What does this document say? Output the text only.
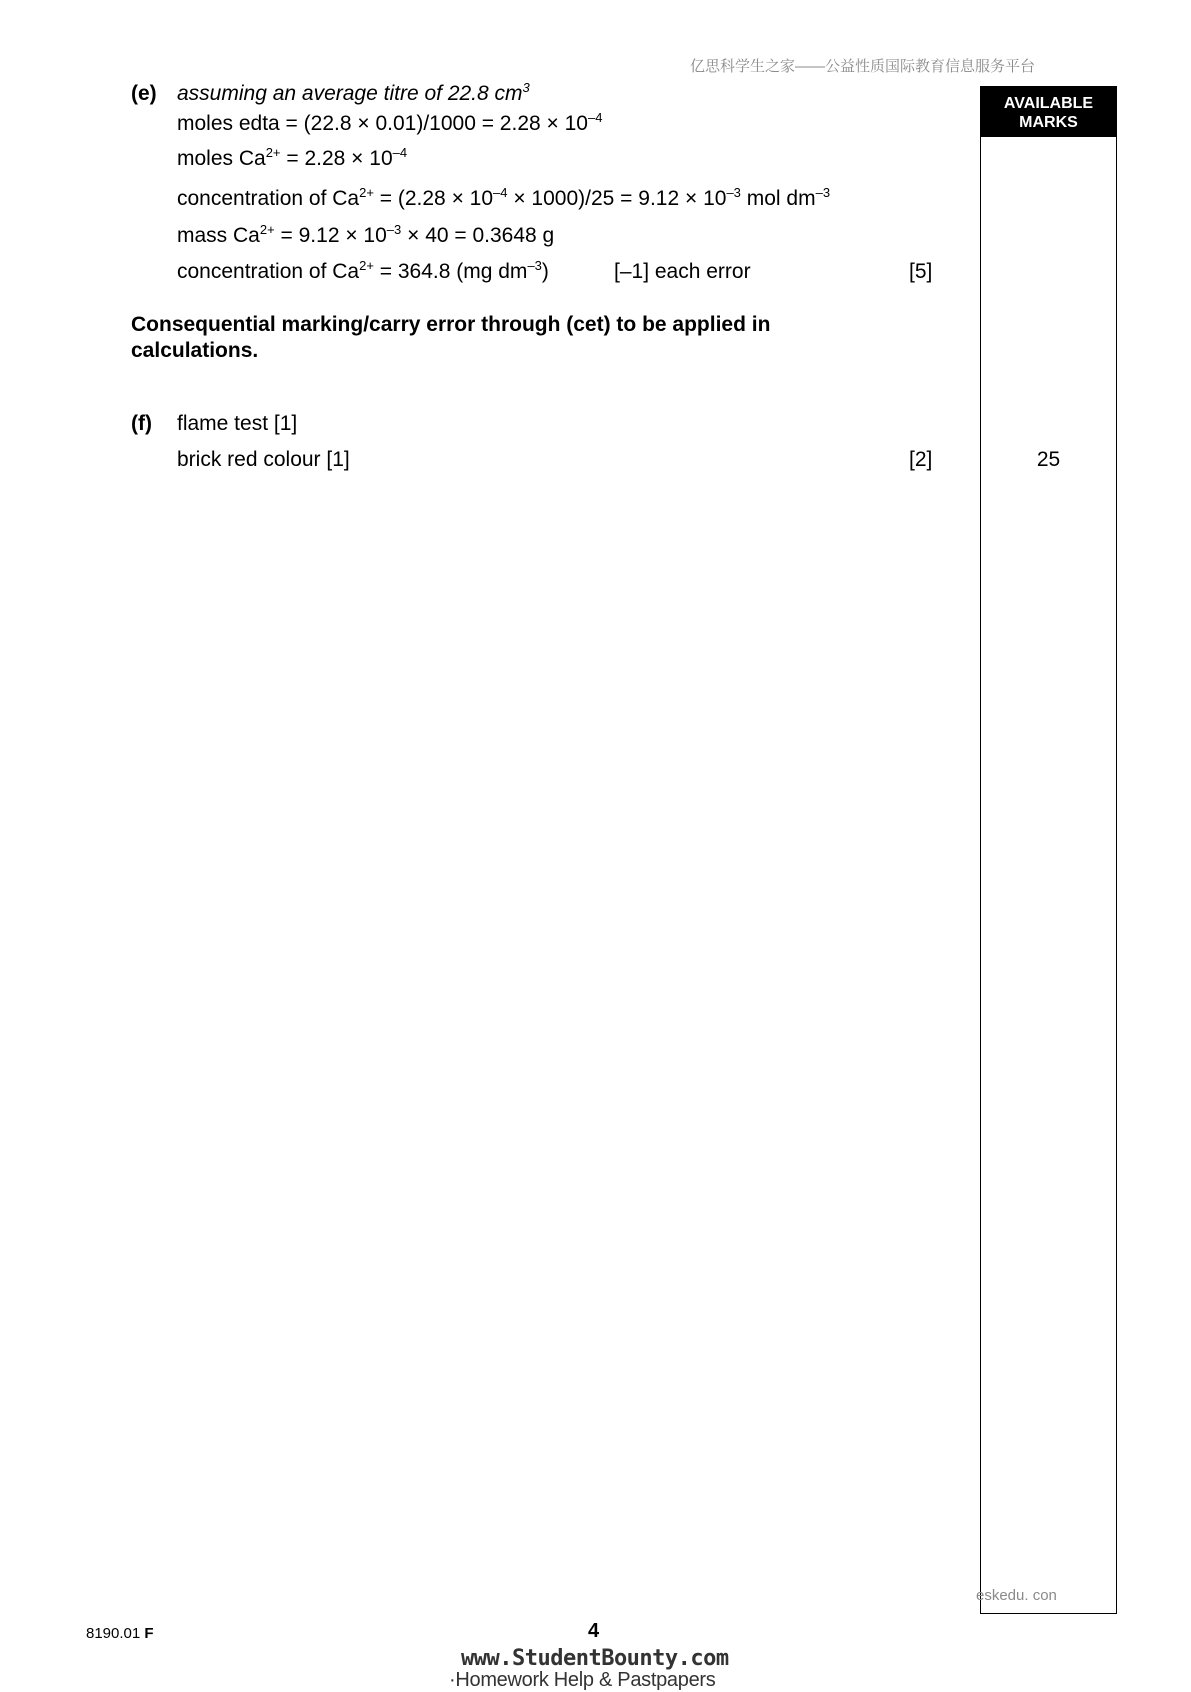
亿思科学生之家——公益性质国际教育信息服务平台
AVAILABLE
MARKS
(e) assuming an average titre of 22.8 $cm^3$
moles edta = $(22.8 \times 0.01)/1000 = 2.28 \times 10^{-4}$
moles $Ca^{2+} = 2.28 \times 10^{-4}$
concentration of $Ca^{2+} = (2.28 \times 10^{-4} \times 1000)/25 = 9.12 \times 10^{-3}$ mol $dm^{-3}$
mass $Ca^{2+} = 9.12 \times 10^{-3} \times 40 = 0.3648$ g
concentration of $Ca^{2+} = 364.8$ (mg $dm^{-3}$)	[–1] each error	[5]
Consequential marking/carry error through (cet) to be applied in
calculations.
(f) flame test [1]
brick red colour [1]	[2]	25
eskedu. con
8190.01 F	4
www.StudentBounty.com
·Homework Help & Pastpapers
